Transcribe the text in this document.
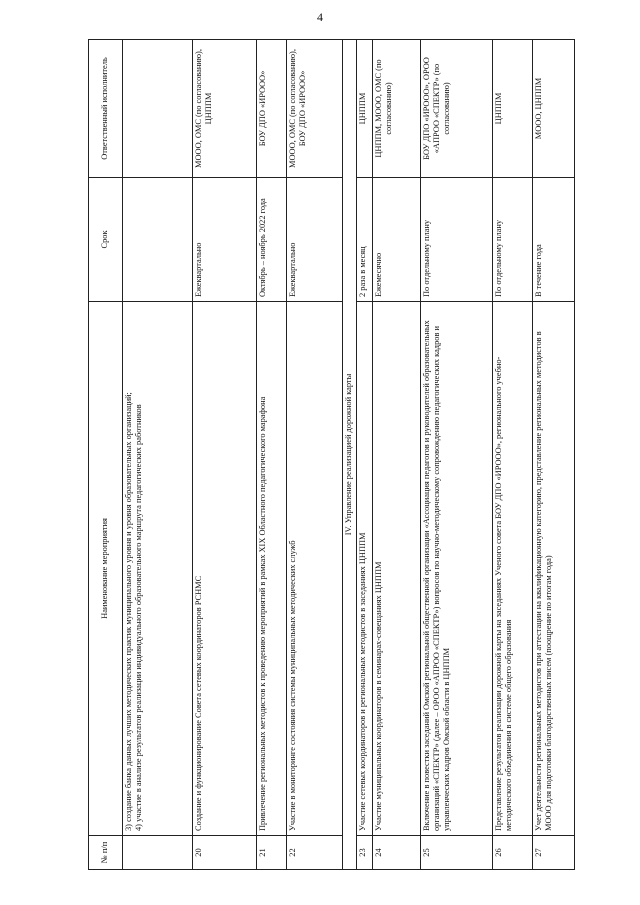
4
№ п/п	Наименование мероприятия	Срок	Ответственный исполнитель

	3) создание банка данных лучших методических практик муниципального уровня и уровня образовательных организаций; 4) участие в анализе результатов реализации индивидуального образовательного маршрута педагогических работников		

20	Создание и функционирование Совета сетевых координаторов РСНМС	Ежеквартально	МООО, ОМС (по согласованию), ЦНППМ
21	Привлечение региональных методистов к проведению мероприятий в рамках XIX Областного педагогического марафона	Октябрь – ноябрь 2022 года	БОУ ДПО «ИРООО»
22	Участие в мониторинге состояния системы муниципальных методических служб	Ежеквартально	МООО, ОМС (по согласованию), БОУ ДПО «ИРООО»
IV. Управление реализацией дорожной карты			
23	Участие сетевых координаторов и региональных методистов в заседаниях ЦНППМ	2 раза в месяц	ЦНППМ
24	Участие муниципальных координаторов в семинарах-совещаниях ЦНППМ	Ежемесячно	ЦНППМ, МООО, ОМС (по согласованию)
25	Включение в повестки заседаний Омской региональной общественной организации «Ассоциация педагогов и руководителей образовательных организаций «СПЕКТР» (далее – ОРОО «АПРОО «СПЕКТР») вопросов по научно-методическому сопровождению педагогических кадров и управленческих кадров Омской области в ЦНППМ	По отдельному плану	БОУ ДПО «ИРООО», ОРОО «АПРОО «СПЕКТР» (по согласованию)
26	Представление результатов реализации дорожной карты на заседаниях Ученого совета БОУ ДПО «ИРООО», регионального учебно-методического объединения в системе общего образования	По отдельному плану	ЦНППМ
27	Учет деятельности региональных методистов при аттестации на квалификационную категорию, представление региональных методистов в МООО для подготовки благодарственных писем (поощрение по итогам года)	В течение года	МООО, ЦНППМ
